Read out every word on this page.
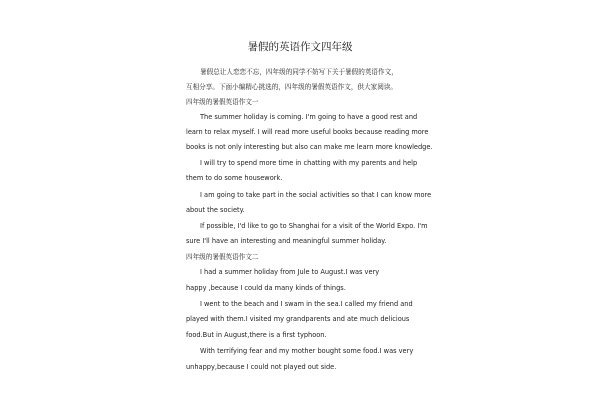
暑假的英语作文四年级
暑假总让人恋恋不忘，四年级的同学不妨写下关于暑假的英语作文，
互相分享。下面小编精心挑选的，四年级的暑假英语作文，供大家阅读。
四年级的暑假英语作文一
The summer holiday is coming. I'm going to have a good rest and
learn to relax myself. I will read more useful books because reading more
books is not only interesting but also can make me learn more knowledge.
I will try to spend more time in chatting with my parents and help
them to do some housework.
I am going to take part in the social activities so that I can know more
about the society.
If possible, I'd like to go to Shanghai for a visit of the World Expo. I'm
sure I'll have an interesting and meaningful summer holiday.
四年级的暑假英语作文二
I had a summer holiday from Jule to August.I was very
happy ,because I could da many kinds of things.
I went to the beach and I swam in the sea.I called my friend and
played with them.I visited my grandparents and ate much delicious
food.But in August,there is a first typhoon.
With terrifying fear and my mother bought some food.I was very
unhappy,because I could not played out side.
